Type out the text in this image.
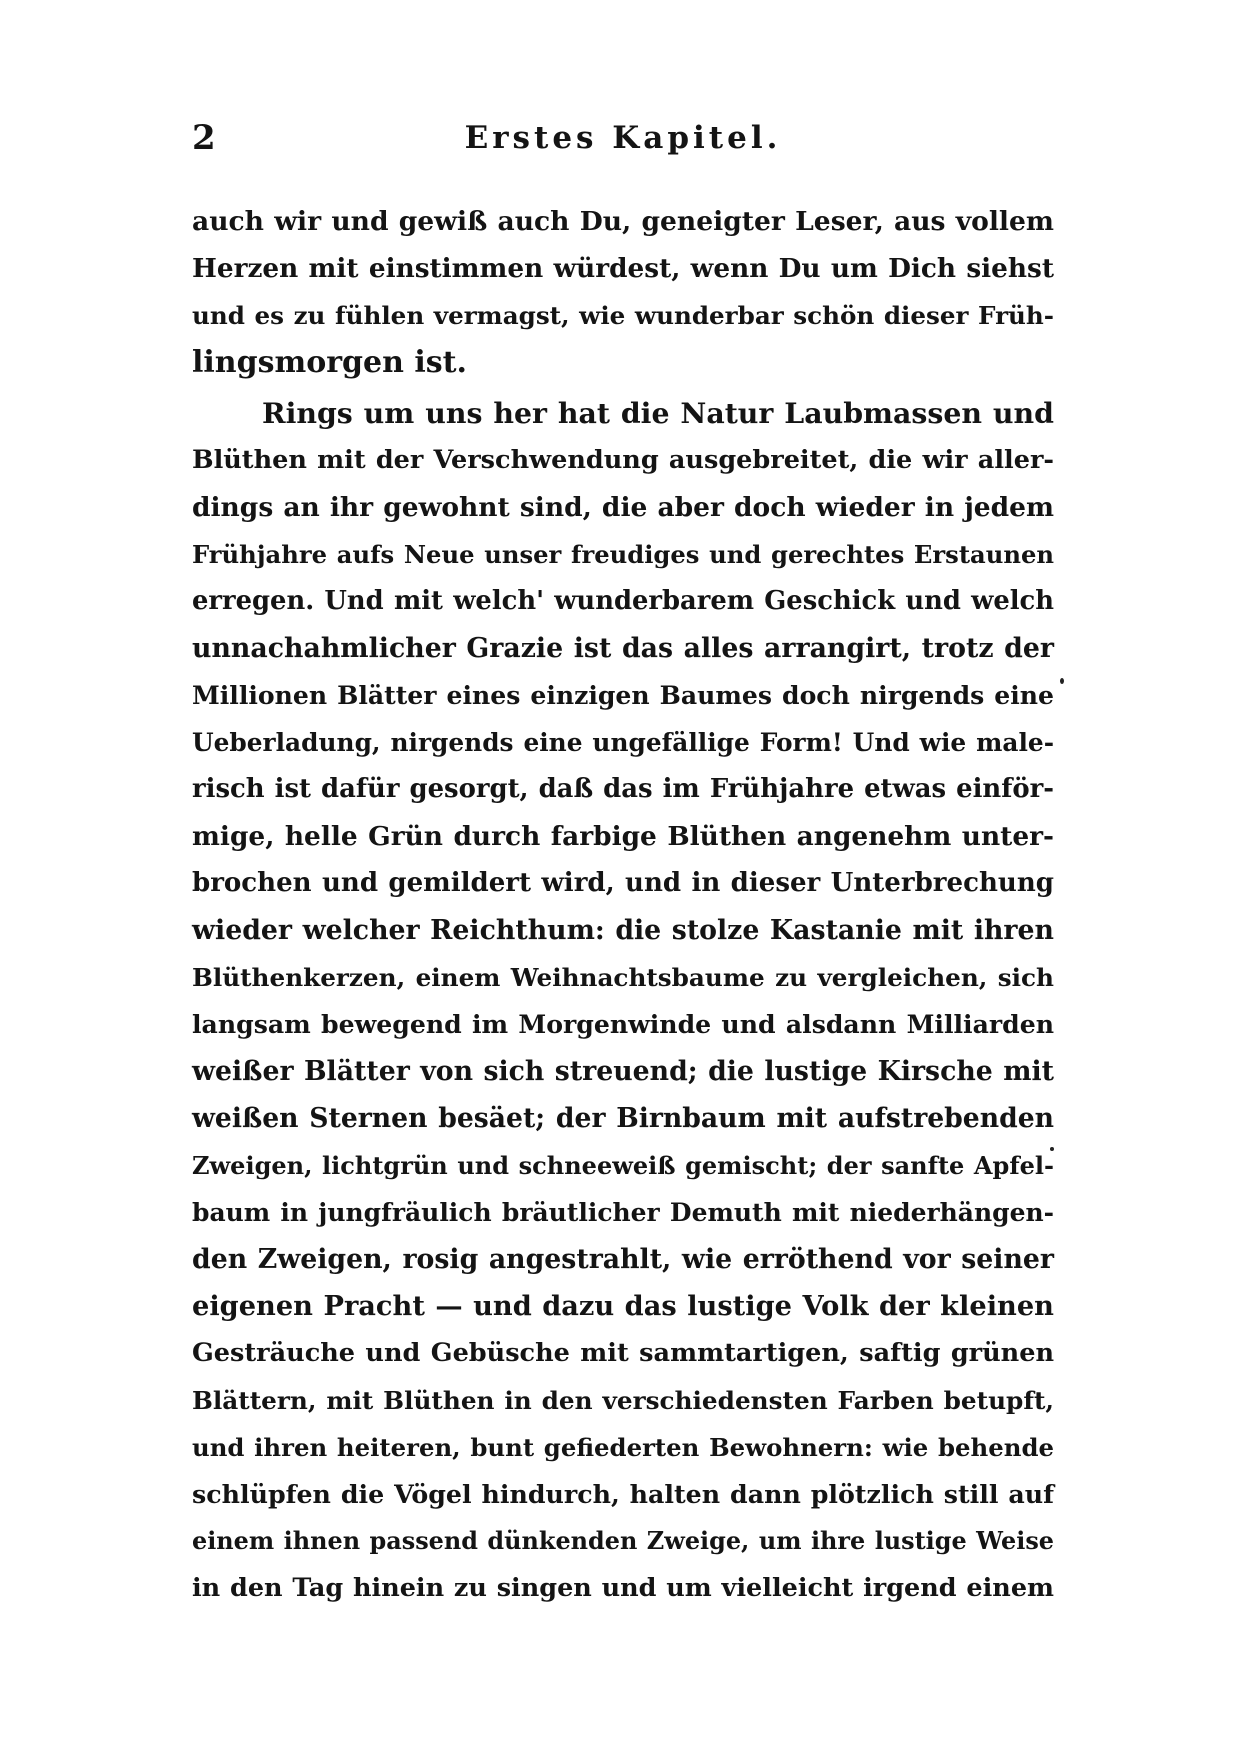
2	Erstes Kapitel.
auch wir und gewiß auch Du, geneigter Leser, aus vollem
Herzen mit einstimmen würdest, wenn Du um Dich siehst
und es zu fühlen vermagst, wie wunderbar schön dieser Früh-
lingsmorgen ist.
Rings um uns her hat die Natur Laubmassen und
Blüthen mit der Verschwendung ausgebreitet, die wir aller-
dings an ihr gewohnt sind, die aber doch wieder in jedem
Frühjahre aufs Neue unser freudiges und gerechtes Erstaunen
erregen. Und mit welch' wunderbarem Geschick und welch
unnachahmlicher Grazie ist das alles arrangirt, trotz der
Millionen Blätter eines einzigen Baumes doch nirgends eine
Ueberladung, nirgends eine ungefällige Form! Und wie male-
risch ist dafür gesorgt, daß das im Frühjahre etwas einför-
mige, helle Grün durch farbige Blüthen angenehm unter-
brochen und gemildert wird, und in dieser Unterbrechung
wieder welcher Reichthum: die stolze Kastanie mit ihren
Blüthenkerzen, einem Weihnachtsbaume zu vergleichen, sich
langsam bewegend im Morgenwinde und alsdann Milliarden
weißer Blätter von sich streuend; die lustige Kirsche mit
weißen Sternen besäet; der Birnbaum mit aufstrebenden
Zweigen, lichtgrün und schneeweiß gemischt; der sanfte Apfel-
baum in jungfräulich bräutlicher Demuth mit niederhängen-
den Zweigen, rosig angestrahlt, wie erröthend vor seiner
eigenen Pracht — und dazu das lustige Volk der kleinen
Gesträuche und Gebüsche mit sammtartigen, saftig grünen
Blättern, mit Blüthen in den verschiedensten Farben betupft,
und ihren heiteren, bunt gefiederten Bewohnern: wie behende
schlüpfen die Vögel hindurch, halten dann plötzlich still auf
einem ihnen passend dünkenden Zweige, um ihre lustige Weise
in den Tag hinein zu singen und um vielleicht irgend einem
